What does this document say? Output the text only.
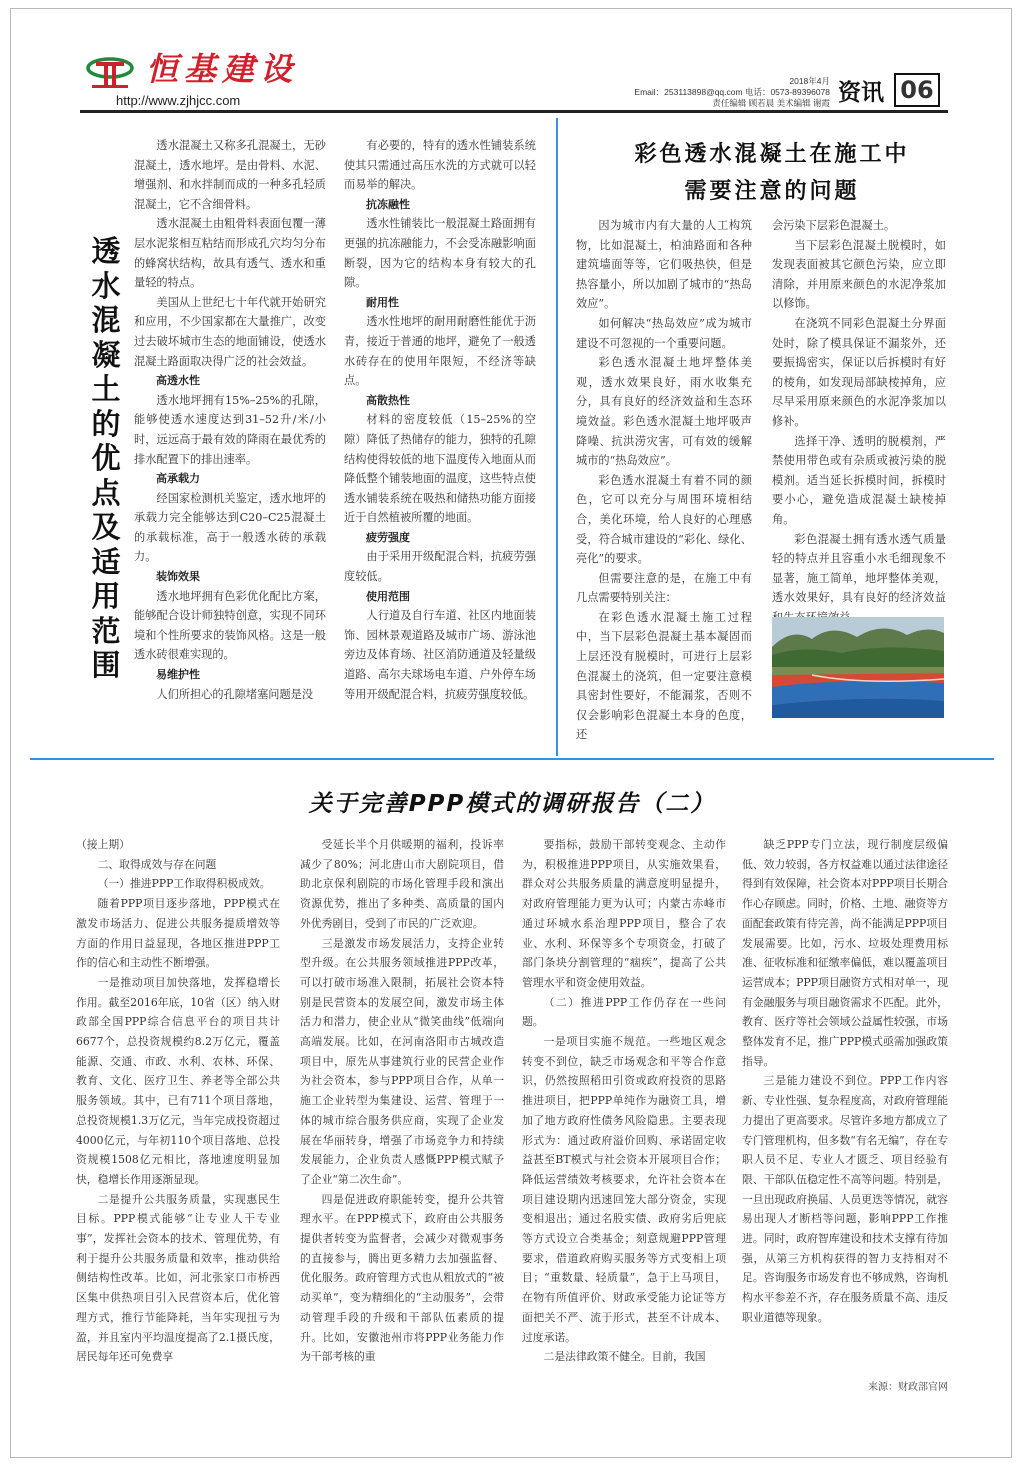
恒基建设
http://www.zjhjcc.com
2018年4月
Email：253113898@qq.com 电话：0573-89396078
责任编辑 顾若晨 美术编辑 谢霞 资讯 06
透
水
混
凝
土
的
优
点
及
适
用
范
围

透水混凝土又称多孔混凝土，无砂混凝土，透水地坪。是由骨料、水泥、增强剂、和水拌制而成的一种多孔轻质混凝土，它不含细骨料。

透水混凝土由粗骨料表面包覆一薄层水泥浆相互粘结而形成孔穴均匀分布的蜂窝状结构，故具有透气、透水和重量轻的特点。

美国从上世纪七十年代就开始研究和应用，不少国家都在大量推广，改变过去破坏城市生态的地面铺设，使透水混凝土路面取决得广泛的社会效益。

高透水性

透水地坪拥有15%–25%的孔隙，能够使透水速度达到31–52升/米/小时，远远高于最有效的降雨在最优秀的排水配置下的排出速率。

高承载力

经国家检测机关鉴定，透水地坪的承载力完全能够达到C20–C25混凝土的承载标准，高于一般透水砖的承载力。

装饰效果

透水地坪拥有色彩优化配比方案，能够配合设计师独特创意，实现不同环境和个性所要求的装饰风格。这是一般透水砖很难实现的。

易维护性

人们所担心的孔隙堵塞问题是没

有必要的，特有的透水性铺装系统使其只需通过高压水洗的方式就可以轻而易举的解决。

抗冻融性

透水性铺装比一般混凝土路面拥有更强的抗冻融能力，不会受冻融影响面断裂，因为它的结构本身有较大的孔隙。

耐用性

透水性地坪的耐用耐磨性能优于沥青，接近于普通的地坪，避免了一般透水砖存在的使用年限短，不经济等缺点。

高散热性

材料的密度较低（15–25%的空隙）降低了热储存的能力，独特的孔隙结构使得较低的地下温度传入地面从而降低整个铺装地面的温度，这些特点使透水铺装系统在吸热和储热功能方面接近于自然植被所覆的地面。

疲劳强度

由于采用开级配混合料，抗疲劳强度较低。

使用范围

人行道及自行车道、社区内地面装饰、园林景观道路及城市广场、游泳池旁边及体育场、社区消防通道及轻量级道路、高尔夫球场电车道、户外停车场等用开级配混合料，抗疲劳强度较低。

彩色透水混凝土在施工中
需要注意的问题

因为城市内有大量的人工构筑物，比如混凝土，柏油路面和各种建筑墙面等等，它们吸热快，但是热容量小，所以加剧了城市的“热岛效应”。

如何解决“热岛效应”成为城市建设不可忽视的一个重要问题。

彩色透水混凝土地坪整体美观，透水效果良好，雨水收集充分，具有良好的经济效益和生态环境效益。彩色透水混凝土地坪吸声降噪、抗洪涝灾害，可有效的缓解城市的“热岛效应”。

彩色透水混凝土有着不同的颜色，它可以充分与周围环境相结合，美化环境，给人良好的心理感受，符合城市建设的“彩化、绿化、亮化”的要求。

但需要注意的是，在施工中有几点需要特别关注：

在彩色透水混凝土施工过程中，当下层彩色混凝土基本凝固而上层还没有脱模时，可进行上层彩色混凝土的浇筑，但一定要注意模具密封性要好，不能漏浆，否则不仅会影响彩色混凝土本身的色度，还

会污染下层彩色混凝土。

当下层彩色混凝土脱模时，如发现表面被其它颜色污染，应立即清除，并用原来颜色的水泥净浆加以修饰。

在浇筑不同彩色混凝土分界面处时，除了模具保证不漏浆外，还要振捣密实，保证以后拆模时有好的棱角，如发现局部缺棱掉角，应尽早采用原来颜色的水泥净浆加以修补。

选择干净、透明的脱模剂，严禁使用带色或有杂质或被污染的脱模剂。适当延长拆模时间，拆模时要小心，避免造成混凝土缺棱掉角。

彩色混凝土拥有透水透气质量轻的特点并且容重小水毛细现象不显著，施工简单，地坪整体美观，透水效果好，具有良好的经济效益

关于完善PPP模式的调研报告（二）

（接上期）

二、取得成效与存在问题

（一）推进PPP工作取得积极成效。

随着PPP项目逐步落地，PPP模式在激发市场活力、促进公共服务提质增效等方面的作用日益显现，各地区推进PPP工作的信心和主动性不断增强。

一是推动项目加快落地，发挥稳增长作用。截至2016年底，10省（区）纳入财政部全国PPP综合信息平台的项目共计6677个，总投资规模约8.2万亿元，覆盖能源、交通、市政、水利、农林、环保、教育、文化、医疗卫生、养老等全部公共服务领域。其中，已有711个项目落地，总投资规模1.3万亿元，当年完成投资超过4000亿元，与年初110个项目落地、总投资规模1508亿元相比，落地速度明显加快，稳增长作用逐渐显现。

二是提升公共服务质量，实现惠民生目标。PPP模式能够“让专业人干专业事”，发挥社会资本的技术、管理优势，有利于提升公共服务质量和效率，推动供给侧结构性改革。比如，河北张家口市桥西区集中供热项目引入民营资本后，优化管理方式，推行节能降耗，当年实现扭亏为盈，并且室内平均温度提高了2.1摄氏度，居民每年还可免费享

受延长半个月供暖期的福利，投诉率减少了80%；河北唐山市大剧院项目，借助北京保利剧院的市场化管理手段和演出资源优势，推出了多种类、高质量的国内外优秀剧目，受到了市民的广泛欢迎。

三是激发市场发展活力，支持企业转型升级。在公共服务领域推进PPP改革，可以打破市场准入限制，拓展社会资本特别是民营资本的发展空间，激发市场主体活力和潜力，使企业从“微笑曲线”低端向高端发展。比如，在河南洛阳市古城改造项目中，原先从事建筑行业的民营企业作为社会资本，参与PPP项目合作，从单一施工企业转型为集建设、运营、管理于一体的城市综合服务供应商，实现了企业发展在华丽转身，增强了市场竞争力和持续发展能力，企业负责人感慨PPP模式赋予了企业“第二次生命”。

四是促进政府职能转变，提升公共管理水平。在PPP模式下，政府由公共服务提供者转变为监督者，会减少对微观事务的直接参与，腾出更多精力去加强监督、优化服务。政府管理方式也从粗放式的“被动买单”，变为精细化的“主动服务”，会带动管理手段的升级和干部队伍素质的提升。比如，安徽池州市将PPP业务能力作为干部考核的重

要指标，鼓励干部转变观念、主动作为，积极推进PPP项目，从实施效果看，群众对公共服务质量的满意度明显提升，对政府管理能力更为认可；内蒙古赤峰市通过环城水系治理PPP项目，整合了农业、水利、环保等多个专项资金，打破了部门条块分割管理的“痼疾”，提高了公共管理水平和资金使用效益。

（二）推进PPP工作仍存在一些问题。

一是项目实施不规范。一些地区观念转变不到位，缺乏市场观念和平等合作意识，仍然按照稻田引资或政府投资的思路推进项目，把PPP单纯作为融资工具，增加了地方政府性债务风险隐患。主要表现形式为：通过政府溢价回购、承诺固定收益甚至BT模式与社会资本开展项目合作；降低运营绩效考核要求，允许社会资本在项目建设期内迅速回笼大部分资金，实现变相退出；通过名股实债、政府劣后兜底等方式设立合类基金；刻意规避PPP管理要求，借道政府购买服务等方式变相上项目；“重数量、轻质量”，急于上马项目，在物有所值评价、财政承受能力论证等方面把关不严、流于形式，甚至不计成本、过度承诺。

二是法律政策不健全。目前，我国

缺乏PPP专门立法，现行制度层级偏低、效力较弱，各方权益难以通过法律途径得到有效保障，社会资本对PPP项目长期合作心存顾虑。同时，价格、土地、融资等方面配套政策有待完善，尚不能满足PPP项目发展需要。比如，污水、垃圾处理费用标准、征收标准和征缴率偏低，难以覆盖项目运营成本；PPP项目融资方式相对单一，现有金融服务与项目融资需求不匹配。此外，教育、医疗等社会领域公益属性较强，市场整体发育不足，推广PPP模式亟需加强政策指导。

三是能力建设不到位。PPP工作内容新、专业性强、复杂程度高，对政府管理能力提出了更高要求。尽管许多地方都成立了专门管理机构，但多数“有名无编”，存在专职人员不足、专业人才匮乏、项目经验有限、干部队伍稳定性不高等问题。特别是，一旦出现政府换届、人员更迭等情况，就容易出现人才断档等问题，影响PPP工作推进。同时，政府智库建设和技术支撑有待加强，从第三方机构获得的智力支持相对不足。咨询服务市场发育也不够成熟，咨询机构水平参差不齐，存在服务质量不高、违反职业道德等现象。

来源：财政部官网
